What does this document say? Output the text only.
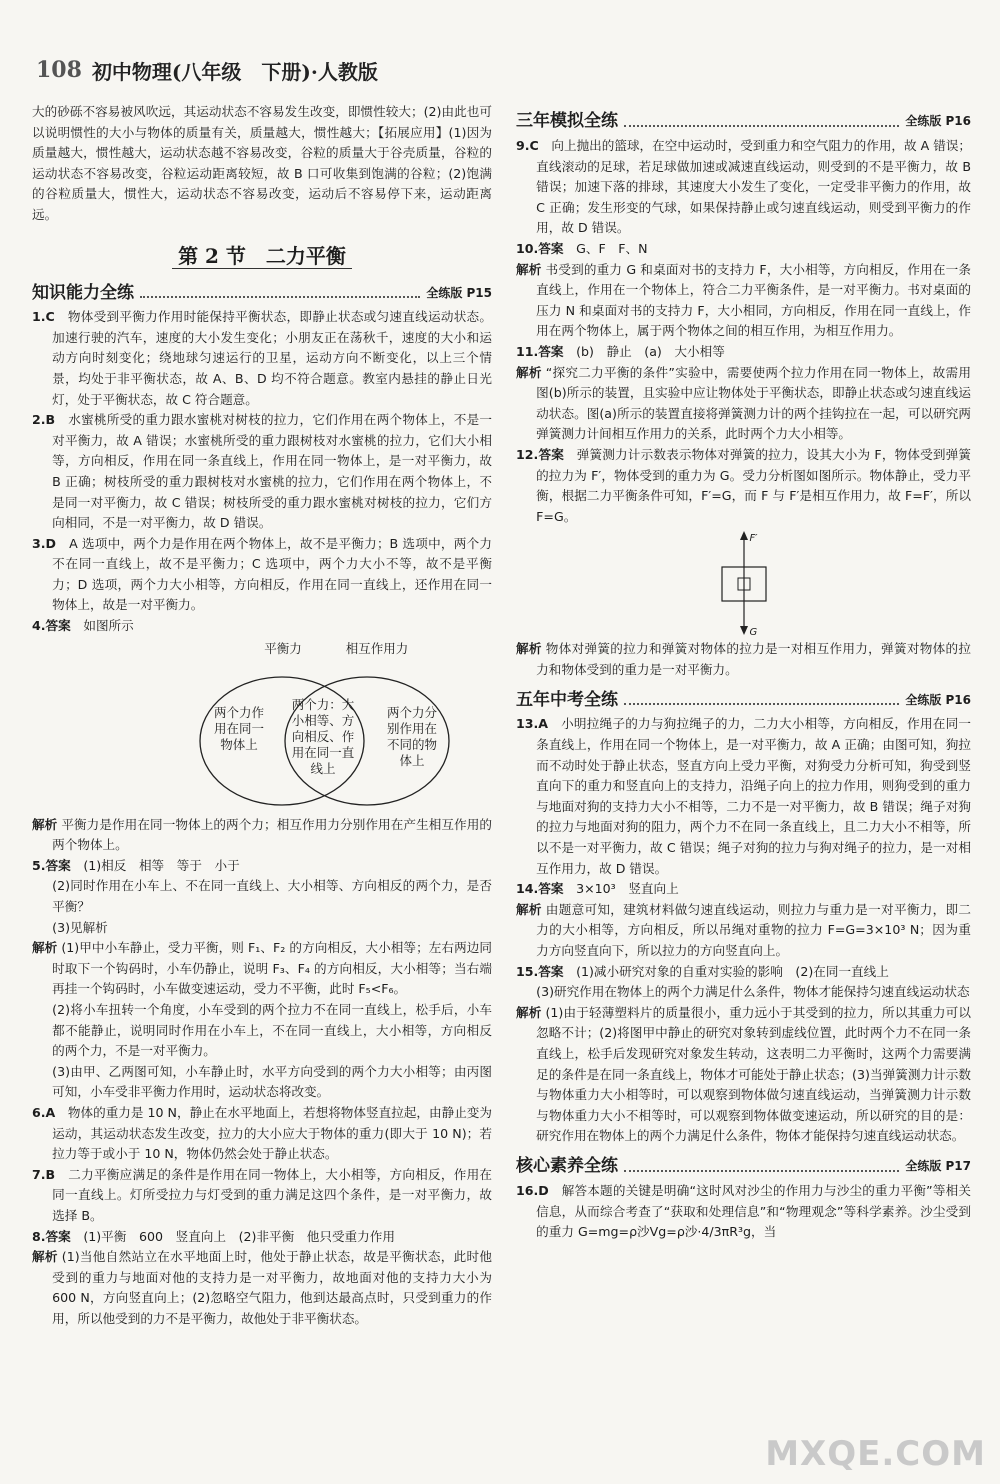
108 初中物理(八年级　下册)·人教版

大的砂砾不容易被风吹远，其运动状态不容易发生改变，即惯性较大；(2)由此也可以说明惯性的大小与物体的质量有关，质量越大，惯性越大；【拓展应用】(1)因为质量越大，惯性越大，运动状态越不容易改变，谷粒的质量大于谷壳质量，谷粒的运动状态不容易改变，谷粒运动距离较短，故 B 口可收集到饱满的谷粒；(2)饱满的谷粒质量大，惯性大，运动状态不容易改变，运动后不容易停下来，运动距离远。

第 2 节　二力平衡
知识能力全练	全练版 P15

1.C　 物体受到平衡力作用时能保持平衡状态，即静止状态或匀速直线运动状态。加速行驶的汽车，速度的大小发生变化；小朋友正在荡秋千，速度的大小和运动方向时刻变化；绕地球匀速运行的卫星，运动方向不断变化，以上三个情景，均处于非平衡状态，故 A、B、D 均不符合题意。教室内悬挂的静止日光灯，处于平衡状态，故 C 符合题意。

2.B　 水蜜桃所受的重力跟水蜜桃对树枝的拉力，它们作用在两个物体上，不是一对平衡力，故 A 错误；水蜜桃所受的重力跟树枝对水蜜桃的拉力，它们大小相等，方向相反，作用在同一条直线上，作用在同一物体上，是一对平衡力，故 B 正确；树枝所受的重力跟树枝对水蜜桃的拉力，它们作用在两个物体上，不是同一对平衡力，故 C 错误；树枝所受的重力跟水蜜桃对树枝的拉力，它们方向相同，不是一对平衡力，故 D 错误。

3.D　 A 选项中，两个力是作用在两个物体上，故不是平衡力；B 选项中，两个力不在同一直线上，故不是平衡力；C 选项中，两个力大小不等，故不是平衡力；D 选项，两个力大小相等，方向相反，作用在同一直线上，还作用在同一物体上，故是一对平衡力。

4.答案　 如图所示

平衡力	相互作用力
两个力作用在同一物体上
两个力：大小相等、方向相反、作用在同一直线上
两个力分别作用在不同的物体上

解析 平衡力是作用在同一物体上的两个力；相互作用力分别作用在产生相互作用的两个物体上。

5.答案　 (1)相反　相等　等于　小于

(2)同时作用在小车上、不在同一直线上、大小相等、方向相反的两个力，是否平衡？

(3)见解析

解析 (1)甲中小车静止，受力平衡，则 F₁、F₂ 的方向相反，大小相等；左右两边同时取下一个钩码时，小车仍静止，说明 F₃、F₄ 的方向相反，大小相等；当右端再挂一个钩码时，小车做变速运动，受力不平衡，此时 F₅<F₆。

(2)将小车扭转一个角度，小车受到的两个拉力不在同一直线上，松手后，小车都不能静止，说明同时作用在小车上，不在同一直线上，大小相等，方向相反的两个力，不是一对平衡力。

(3)由甲、乙两图可知，小车静止时，水平方向受到的两个力大小相等；由丙图可知，小车受非平衡力作用时，运动状态将改变。

6.A　 物体的重力是 10 N，静止在水平地面上，若想将物体竖直拉起，由静止变为运动，其运动状态发生改变，拉力的大小应大于物体的重力(即大于 10 N)；若拉力等于或小于 10 N，物体仍然会处于静止状态。

7.B　 二力平衡应满足的条件是作用在同一物体上，大小相等，方向相反，作用在同一直线上。灯所受拉力与灯受到的重力满足这四个条件，是一对平衡力，故选择 B。

8.答案　 (1)平衡　600　竖直向上　(2)非平衡　他只受重力作用

解析 (1)当他自然站立在水平地面上时，他处于静止状态，故是平衡状态，此时他受到的重力与地面对他的支持力是一对平衡力，故地面对他的支持力大小为 600 N，方向竖直向上；(2)忽略空气阻力，他到达最高点时，只受到重力的作用，所以他受到的力不是平衡力，故他处于非平衡状态。

三年模拟全练	全练版 P16

9.C　 向上抛出的篮球，在空中运动时，受到重力和空气阻力的作用，故 A 错误；直线滚动的足球，若足球做加速或减速直线运动，则受到的不是平衡力，故 B 错误；加速下落的排球，其速度大小发生了变化，一定受非平衡力的作用，故 C 正确；发生形变的气球，如果保持静止或匀速直线运动，则受到平衡力的作用，故 D 错误。

10.答案　 G、F　F、N

解析 书受到的重力 G 和桌面对书的支持力 F，大小相等，方向相反，作用在一条直线上，作用在一个物体上，符合二力平衡条件，是一对平衡力。书对桌面的压力 N 和桌面对书的支持力 F，大小相同，方向相反，作用在同一直线上，作用在两个物体上，属于两个物体之间的相互作用，为相互作用力。

11.答案　 (b)　静止　(a)　大小相等

解析 “探究二力平衡的条件”实验中，需要使两个拉力作用在同一物体上，故需用图(b)所示的装置，且实验中应让物体处于平衡状态，即静止状态或匀速直线运动状态。图(a)所示的装置直接将弹簧测力计的两个挂钩拉在一起，可以研究两弹簧测力计间相互作用力的关系，此时两个力大小相等。

12.答案　 弹簧测力计示数表示物体对弹簧的拉力，设其大小为 F，物体受到弹簧的拉力为 F′，物体受到的重力为 G。受力分析图如图所示。物体静止，受力平衡，根据二力平衡条件可知，F′=G，而 F 与 F′是相互作用力，故 F=F′，所以 F=G。

F′
G

解析 物体对弹簧的拉力和弹簧对物体的拉力是一对相互作用力，弹簧对物体的拉力和物体受到的重力是一对平衡力。

五年中考全练	全练版 P16

13.A　 小明拉绳子的力与狗拉绳子的力，二力大小相等，方向相反，作用在同一条直线上，作用在同一个物体上，是一对平衡力，故 A 正确；由图可知，狗拉而不动时处于静止状态，竖直方向上受力平衡，对狗受力分析可知，狗受到竖直向下的重力和竖直向上的支持力，沿绳子向上的拉力作用，则狗受到的重力与地面对狗的支持力大小不相等，二力不是一对平衡力，故 B 错误；绳子对狗的拉力与地面对狗的阻力，两个力不在同一条直线上，且二力大小不相等，所以不是一对平衡力，故 C 错误；绳子对狗的拉力与狗对绳子的拉力，是一对相互作用力，故 D 错误。

14.答案　 3×10³　竖直向上

解析 由题意可知，建筑材料做匀速直线运动，则拉力与重力是一对平衡力，即二力的大小相等，方向相反，所以吊绳对重物的拉力 F=G=3×10³ N；因为重力方向竖直向下，所以拉力的方向竖直向上。

15.答案　 (1)减小研究对象的自重对实验的影响　(2)在同一直线上

(3)研究作用在物体上的两个力满足什么条件，物体才能保持匀速直线运动状态

解析 (1)由于轻薄塑料片的质量很小，重力远小于其受到的拉力，所以其重力可以忽略不计；(2)将图甲中静止的研究对象转到虚线位置，此时两个力不在同一条直线上，松手后发现研究对象发生转动，这表明二力平衡时，这两个力需要满足的条件是在同一条直线上，物体才可能处于静止状态；(3)当弹簧测力计示数与物体重力大小相等时，可以观察到物体做匀速直线运动，当弹簧测力计示数与物体重力大小不相等时，可以观察到物体做变速运动，所以研究的目的是：研究作用在物体上的两个力满足什么条件，物体才能保持匀速直线运动状态。

核心素养全练	全练版 P17

16.D　 解答本题的关键是明确“这时风对沙尘的作用力与沙尘的重力平衡”等相关信息，从而综合考查了“获取和处理信息”和“物理观念”等科学素养。沙尘受到的重力 G=mg=ρ沙Vg=ρ沙·4/3πR³g，当

MXQE.COM
